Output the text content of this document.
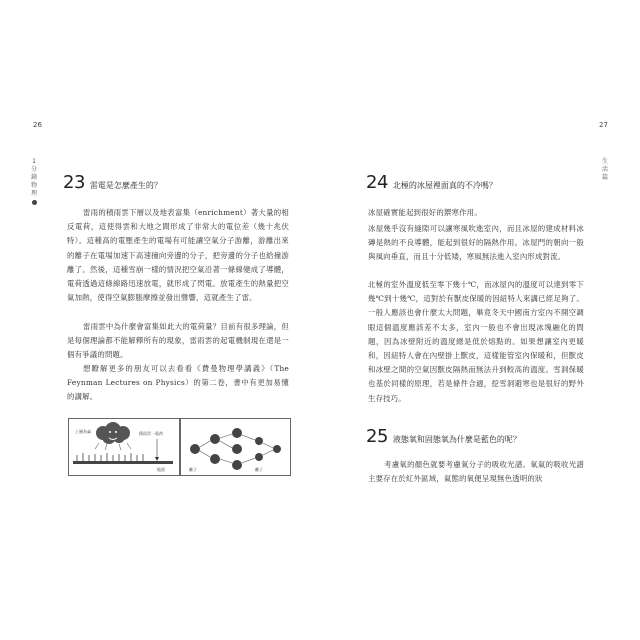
26
1分鐘物理
23 雷電是怎麼產生的？

雷雨的積雨雲下層以及地表富集（enrichment）著大量的相反電荷，這使得雲和大地之間形成了非常大的電位差（幾十兆伏特）。這種高的電壓產生的電場有可能讓空氣分子游離，游離出來的離子在電場加速下高速撞向旁邊的分子，把旁邊的分子也給撞游離了。然後，這種雪崩一樣的情況把空氣沿著一條線變成了導體，電荷透過這條線路迅速放電，就形成了閃電。放電產生的熱量把空氣加熱，使得空氣膨脹摩擦並發出聲響，這就產生了雷。

雷雨雲中為什麼會富集如此大的電荷量？目前有很多理論，但是每個理論都不能解釋所有的現象，雷雨雲的起電機制現在還是一個有爭議的問題。

想瞭解更多的朋友可以去看看《費曼物理學講義》（The Feynman Lectures on Physics）的第二卷，書中有更加易懂的講解。

上層為氣	積雨雲一電荷
地面	離子	離子
27
生活篇
24 北極的冰屋裡面真的不冷嗎？

冰屋確實能起到很好的禦寒作用。

冰屋幾乎沒有縫隙可以讓寒風吹進室內，而且冰屋的建成材料冰磚是熱的不良導體，能起到很好的隔熱作用。冰屋門的朝向一般與風向垂直，而且十分低矮，寒風無法進入室內形成對流。

北極的室外溫度低至零下幾十℃，而冰屋內的溫度可以達到零下幾℃到十幾℃，這對於有獸皮保暖的因紐特人來講已經足夠了。一般人應該也會什麼太大問題，畢竟冬天中國南方室內不開空調眼這個溫度應該差不太多，室內一般也不會出現冰塊融化的問題，因為冰壁附近的溫度總是低於熔點的。如果想讓室內更暖和，因紐特人會在內壁掛上獸皮，這樣能管室內保暖和，但獸皮和冰壁之間的空氣因獸皮隔熱而無法升到較高的溫度。雪洞保暖也基於同樣的原理，若是條件合適，挖雪洞避寒也是很好的野外生存技巧。

25 液態氧和固態氧為什麼是藍色的呢？

考慮氧的顏色就要考慮氧分子的吸收光譜。氧氣的吸收光譜主要存在於紅外區域，氣態的氧便呈現無色透明的狀
